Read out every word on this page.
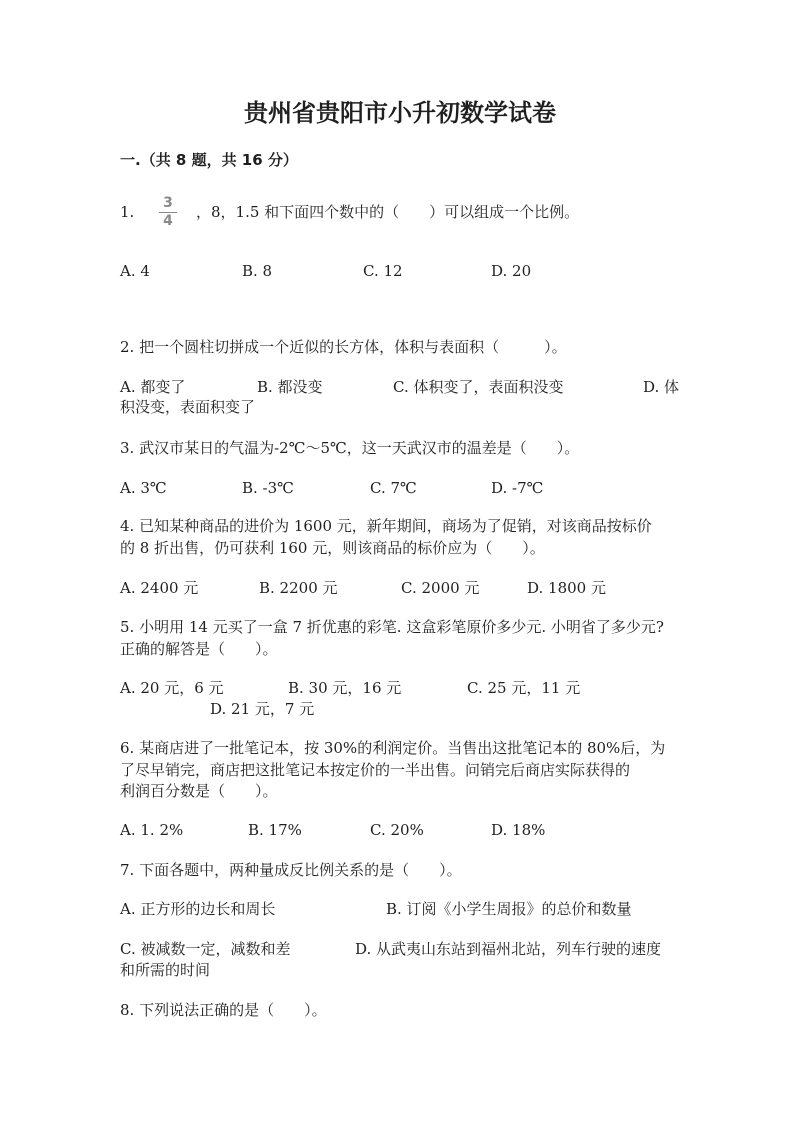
贵州省贵阳市小升初数学试卷
一.（共 8 题，共 16 分）
1.	3
4	，8，1.5 和下面四个数中的（　　）可以组成一个比例。
A. 4	B. 8	C. 12	D. 20
2. 把一个圆柱切拼成一个近似的长方体，体积与表面积（　　　）。
A. 都变了	B. 都没变	C. 体积变了，表面积没变	D. 体
积没变，表面积变了
3. 武汉市某日的气温为-2℃～5℃，这一天武汉市的温差是（　　）。
A. 3℃	B. -3℃	C. 7℃	D. -7℃
4. 已知某种商品的进价为 1600 元，新年期间，商场为了促销，对该商品按标价
的 8 折出售，仍可获利 160 元，则该商品的标价应为（　　）。
A. 2400 元	B. 2200 元	C. 2000 元	D. 1800 元
5. 小明用 14 元买了一盒 7 折优惠的彩笔. 这盒彩笔原价多少元. 小明省了多少元?
正确的解答是（　　）。
A. 20 元，6 元	B. 30 元，16 元	C. 25 元，11 元
D. 21 元，7 元
6. 某商店进了一批笔记本，按 30%的利润定价。当售出这批笔记本的 80%后，为
了尽早销完，商店把这批笔记本按定价的一半出售。问销完后商店实际获得的
利润百分数是（　　）。
A. 1. 2%	B. 17%	C. 20%	D. 18%
7. 下面各题中，两种量成反比例关系的是（　　）。
A. 正方形的边长和周长	B. 订阅《小学生周报》的总价和数量
C. 被减数一定，减数和差	D. 从武夷山东站到福州北站，列车行驶的速度
和所需的时间
8. 下列说法正确的是（　　）。
